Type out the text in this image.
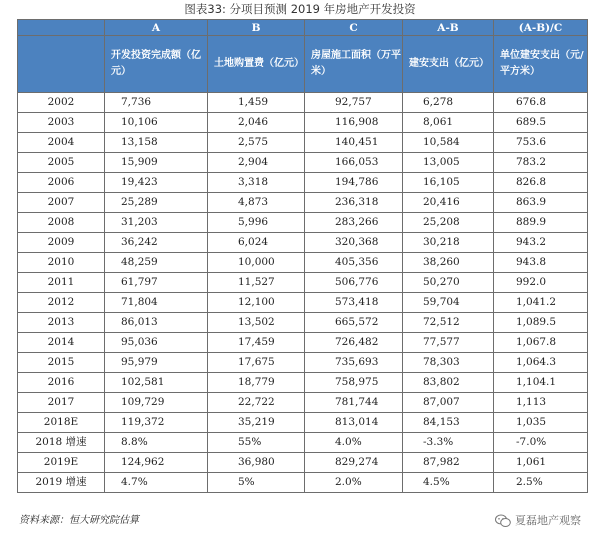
图表33: 分项目预测 2019 年房地产开发投资
	A	B	C	A-B	(A-B)/C
	开发投资完成额（亿元）	土地购置费（亿元）	房屋施工面积（万平米）	建安支出（亿元）	单位建安支出（元/平方米）
2002	7,736	1,459	92,757	6,278	676.8
2003	10,106	2,046	116,908	8,061	689.5
2004	13,158	2,575	140,451	10,584	753.6
2005	15,909	2,904	166,053	13,005	783.2
2006	19,423	3,318	194,786	16,105	826.8
2007	25,289	4,873	236,318	20,416	863.9
2008	31,203	5,996	283,266	25,208	889.9
2009	36,242	6,024	320,368	30,218	943.2
2010	48,259	10,000	405,356	38,260	943.8
2011	61,797	11,527	506,776	50,270	992.0
2012	71,804	12,100	573,418	59,704	1,041.2
2013	86,013	13,502	665,572	72,512	1,089.5
2014	95,036	17,459	726,482	77,577	1,067.8
2015	95,979	17,675	735,693	78,303	1,064.3
2016	102,581	18,779	758,975	83,802	1,104.1
2017	109,729	22,722	781,744	87,007	1,113
2018E	119,372	35,219	813,014	84,153	1,035
2018 增速	8.8%	55%	4.0%	-3.3%	-7.0%
2019E	124,962	36,980	829,274	87,982	1,061
2019 增速	4.7%	5%	2.0%	4.5%	2.5%
资料来源：恒大研究院估算	夏磊地产观察
